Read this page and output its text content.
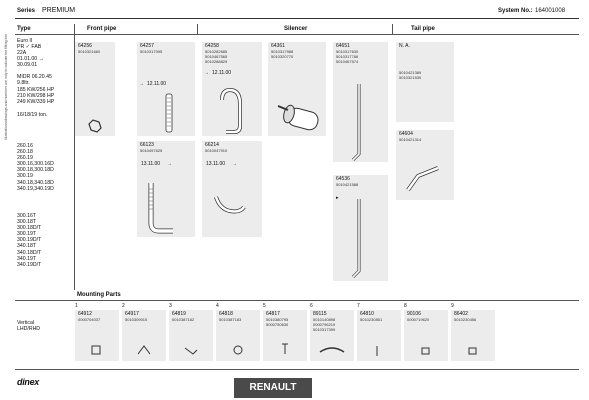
Illustrations/drawings and numbers are only to indicate the fitting line
Series PREMIUM	System No.: 164001008
Front pipe	Silencer	Tail pipe
Type
Euro II
PR ✓ FAB
22A
01.01.00 →
30.09.01
MIDR 06.20.45
9.8ltr.
185 KW/256 HP
210 KW/298 HP
249 KW/339 HP
16/18/19 ton.
260.16
260.18
260.19
300.16,300.16D
300.18,300.18D
300.19
340.18,340.18D
340.19,340.19D
300.16T
300.18T
300.18D/T
300.19T
300.19D/T
340.18T
340.18D/T
340.19T
340.19D/T
Vertical
LHD/RHD
64256
5010321660
64257
5010317095
→ 12.11.00
64258
5010282685
5010467565
5010288829
→ 12.11.00
64361
5010317988
5010320770
64651
5010317630
5010317786
5010467574
N. A.
5010421389
5010321530
64604
5010421314
66123
5010497625
13.11.00 →
66214
5010047910
13.11.00 →
64536
5010421588
▸
Mounting Parts
1
64912
0000704037
2
64917
5010309015
3
64819
5010387162
4
64818
5010387183
5
64817
5010380795
5000750630
6
89115
5010140898
0000796219
5010317399
7
64810
5010230851
8
90106
0000719620
9
86402
5010230456
dinex	RENAULT
